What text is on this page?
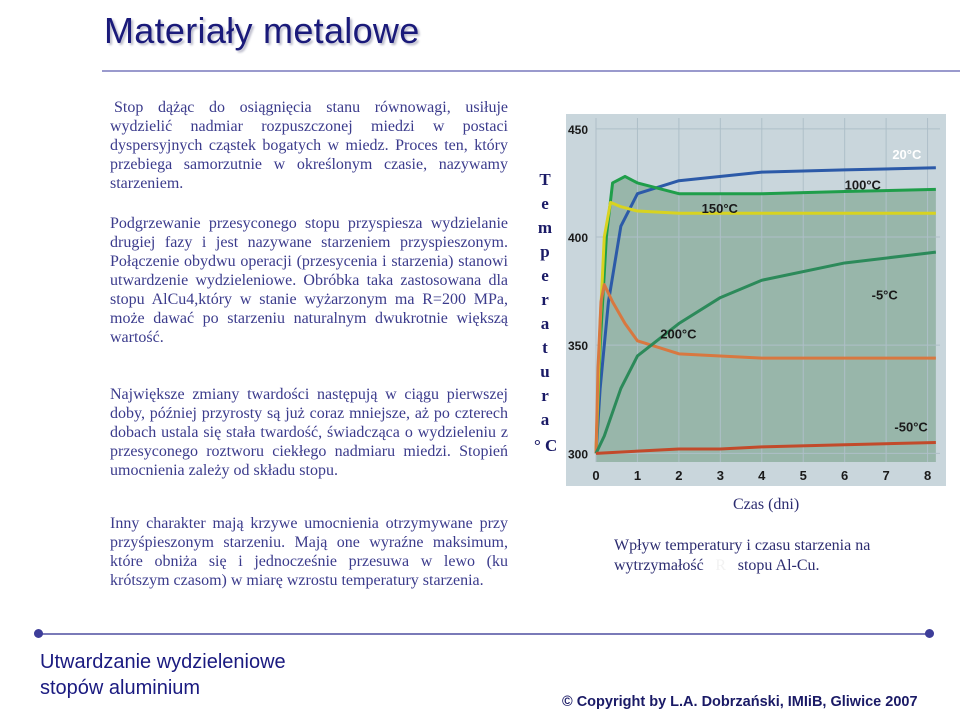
Materiały metalowe
Stop dążąc do osiągnięcia stanu równowagi, usiłuje wydzielić nadmiar rozpuszczonej miedzi w postaci dyspersyjnych cząstek bogatych w miedz. Proces ten, który przebiega samorzutnie w określonym czasie, nazywamy starzeniem.
Podgrzewanie przesyconego stopu przyspiesza wydzielanie drugiej fazy i jest nazywane starzeniem przyspieszonym. Połączenie obydwu operacji (przesycenia i starzenia) stanowi utwardzenie wydzieleniowe. Obróbka taka zastosowana dla stopu AlCu4,który w stanie wyżarzonym ma R=200 MPa, może dawać po starzeniu naturalnym dwukrotnie większą wartość.
Największe zmiany twardości następują w ciągu pierwszej doby, później przyrosty są już coraz mniejsze, aż po czterech dobach ustala się stała twardość, świadcząca o wydzieleniu z przesyconego roztworu ciekłego nadmiaru miedzi. Stopień umocnienia zależy od składu stopu.
Inny charakter mają krzywe umocnienia otrzymywane przy przyśpieszonym starzeniu. Mają one wyraźne maksimum, które obniża się i jednocześnie przesuwa w lewo (ku krótszym czasom) w miarę wzrostu temperatury starzenia.
T
e
m
p
e
r
a
t
u
r
a
° C 300
350
400
450
0	1	2	3	4	5	6	7	8
20°C
100°C
150°C
200°C
-5°C
-50°C
Czas (dni)
Wpływ temperatury i czasu starzenia na wytrzymałość R stopu Al-Cu.
Utwardzanie wydzieleniowe
stopów aluminium
© Copyright by L.A. Dobrzański, IMIiB, Gliwice 2007
